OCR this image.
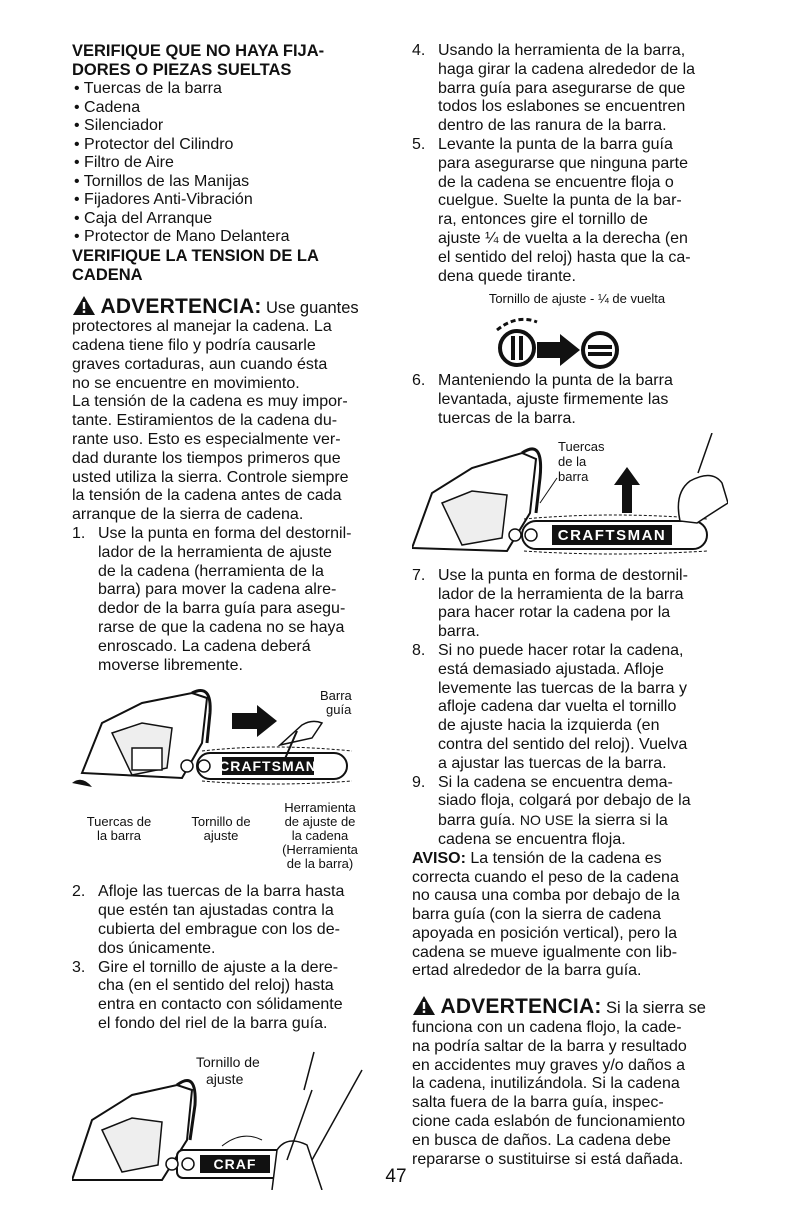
VERIFIQUE QUE NO HAYA FIJA-
DORES O PIEZAS SUELTAS

• Tuercas de la barra
• Cadena
• Silenciador
• Protector del Cilindro
• Filtro de Aire
• Tornillos de las Manijas
• Fijadores Anti-Vibración
• Caja del Arranque
• Protector de Mano Delantera

VERIFIQUE LA TENSION DE LA
CADENA

ADVERTENCIA: Use guantes

protectores al manejar la cadena. La

cadena tiene filo y podría causarle

graves cortaduras, aun cuando ésta

no se encuentre en movimiento.

La tensión de la cadena es muy impor-

tante. Estiramientos de la cadena du-

rante uso. Esto es especialmente ver-

dad durante los tiempos primeros que

usted utiliza la sierra. Controle siempre

la tensión de la cadena antes de cada

arranque de la sierra de cadena.

1. Use la punta en forma del destornil-
lador de la herramienta de ajuste
de la cadena (herramienta de la
barra) para mover la cadena alre-
dedor de la barra guía para asegu-
rarse de que la cadena no se haya
enroscado. La cadena deberá
moverse libremente.
CRAFTSMAN
Barra
guía
Herramienta
de ajuste de
la cadena
(Herramienta
de la barra)
Tuercas de
la barra
Tornillo de
ajuste
2. Afloje las tuercas de la barra hasta
que estén tan ajustadas contra la
cubierta del embrague con los de-
dos únicamente.
3. Gire el tornillo de ajuste a la dere-
cha (en el sentido del reloj) hasta
entra en contacto con sólidamente
el fondo del riel de la barra guía.
CRAF
Tornillo de
ajuste
4. Usando la herramienta de la barra,
haga girar la cadena alrededor de la
barra guía para asegurarse de que
todos los eslabones se encuentren
dentro de las ranura de la barra.
5. Levante la punta de la barra guía
para asegurarse que ninguna parte
de la cadena se encuentre floja o
cuelgue. Suelte la punta de la bar-
ra, entonces gire el tornillo de
ajuste ¼ de vuelta a la derecha (en
el sentido del reloj) hasta que la ca-
dena quede tirante.
Tornillo de ajuste - ¼ de vuelta
6. Manteniendo la punta de la barra
levantada, ajuste firmemente las
tuercas de la barra.
CRAFTSMAN
Tuercas
de la
barra
7. Use la punta en forma de destornil-
lador de la herramienta de la barra
para hacer rotar la cadena por la
barra.
8. Si no puede hacer rotar la cadena,
está demasiado ajustada. Afloje
levemente las tuercas de la barra y
afloje cadena dar vuelta el tornillo
de ajuste hacia la izquierda (en
contra del sentido del reloj). Vuelva
a ajustar las tuercas de la barra.
9. Si la cadena se encuentra dema-
siado floja, colgará por debajo de la
barra guía. NO USE la sierra si la
cadena se encuentra floja.

AVISO: La tensión de la cadena es

correcta cuando el peso de la cadena

no causa una comba por debajo de la

barra guía (con la sierra de cadena

apoyada en posición vertical), pero la

cadena se mueve igualmente con lib-

ertad alrededor de la barra guía.

ADVERTENCIA: Si la sierra se

funciona con un cadena flojo, la cade-

na podría saltar de la barra y resultado

en accidentes muy graves y/o daños a

la cadena, inutilizándola. Si la cadena

salta fuera de la barra guía, inspec-

cione cada eslabón de funcionamiento

en busca de daños. La cadena debe

repararse o sustituirse si está dañada.

47
